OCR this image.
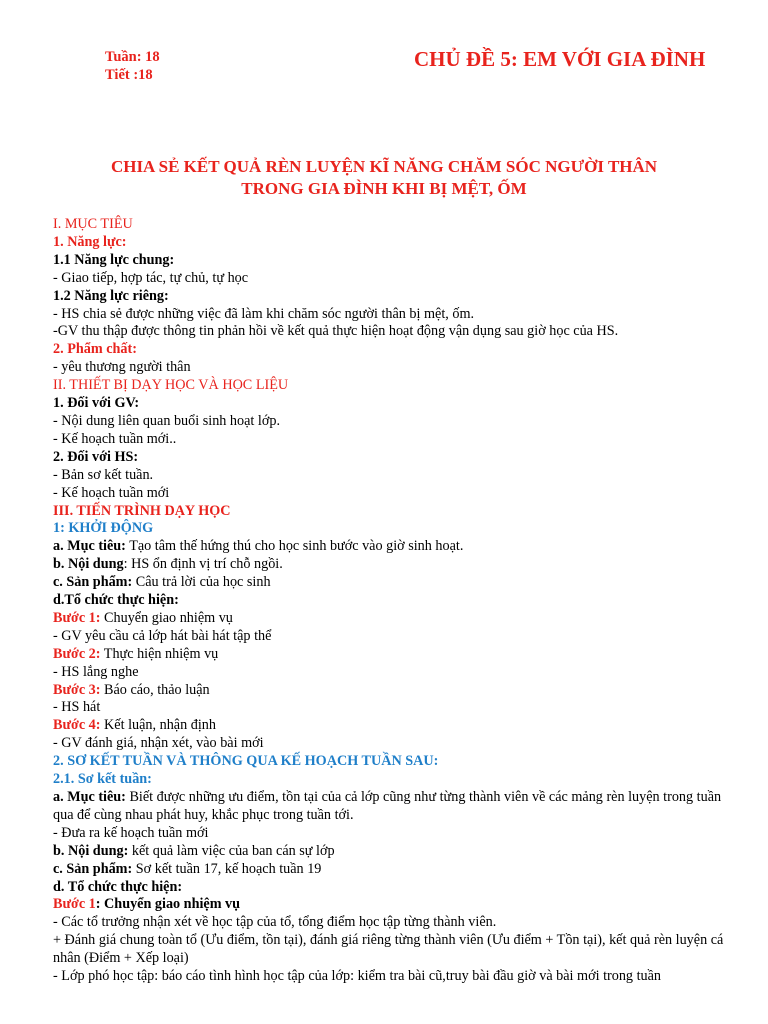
Tuần: 18
Tiết :18
CHỦ ĐỀ 5: EM VỚI GIA ĐÌNH
CHIA SẺ KẾT QUẢ RÈN LUYỆN KĨ NĂNG CHĂM SÓC NGƯỜI THÂN
TRONG GIA ĐÌNH KHI BỊ MỆT, ỐM
I. MỤC TIÊU
1. Năng lực:
1.1 Năng lực chung:
- Giao tiếp, hợp tác, tự chủ, tự học
1.2 Năng lực riêng:
- HS chia sẻ được những việc đã làm khi chăm sóc người thân bị mệt, ốm.
-GV thu thập được thông tin phản hồi về kết quả thực hiện hoạt động vận dụng sau giờ học của HS.
2. Phẩm chất:
- yêu thương người thân
II. THIẾT BỊ DẠY HỌC VÀ HỌC LIỆU
1. Đối với GV:
- Nội dung liên quan buổi sinh hoạt lớp.
- Kế hoạch tuần mới..
2. Đối với HS:
- Bản sơ kết tuần.
- Kế hoạch tuần mới
III. TIẾN TRÌNH DẠY HỌC
1: KHỞI ĐỘNG
a. Mục tiêu: Tạo tâm thế hứng thú cho học sinh bước vào giờ sinh hoạt.
b. Nội dung: HS ổn định vị trí chỗ ngồi.
c. Sản phẩm: Câu trả lời của học sinh
d.Tổ chức thực hiện:
Bước 1: Chuyển giao nhiệm vụ
- GV yêu cầu cả lớp hát bài hát tập thể
Bước 2: Thực hiện nhiệm vụ
- HS lắng nghe
Bước 3: Báo cáo, thảo luận
- HS hát
Bước 4: Kết luận, nhận định
- GV đánh giá, nhận xét, vào bài mới
2. SƠ KẾT TUẦN VÀ THÔNG QUA KẾ HOẠCH TUẦN SAU:
2.1. Sơ kết tuần:
a. Mục tiêu: Biết được những ưu điểm, tồn tại của cả lớp cũng như từng thành viên về các mảng rèn luyện trong tuần qua để cùng nhau phát huy, khắc phục trong tuần tới.
- Đưa ra kế hoạch tuần mới
b. Nội dung: kết quả làm việc của ban cán sự lớp
c. Sản phẩm: Sơ kết tuần 17, kế hoạch tuần 19
d. Tổ chức thực hiện:
Bước 1: Chuyển giao nhiệm vụ
- Các tổ trưởng nhận xét về học tập của tổ, tổng điểm học tập từng thành viên.
+ Đánh giá chung toàn tổ (Ưu điểm, tồn tại), đánh giá riêng từng thành viên (Ưu điểm + Tồn tại), kết quả rèn luyện cá nhân (Điểm + Xếp loại)
- Lớp phó học tập: báo cáo tình hình học tập của lớp: kiểm tra bài cũ,truy bài đầu giờ và bài mới trong tuần
